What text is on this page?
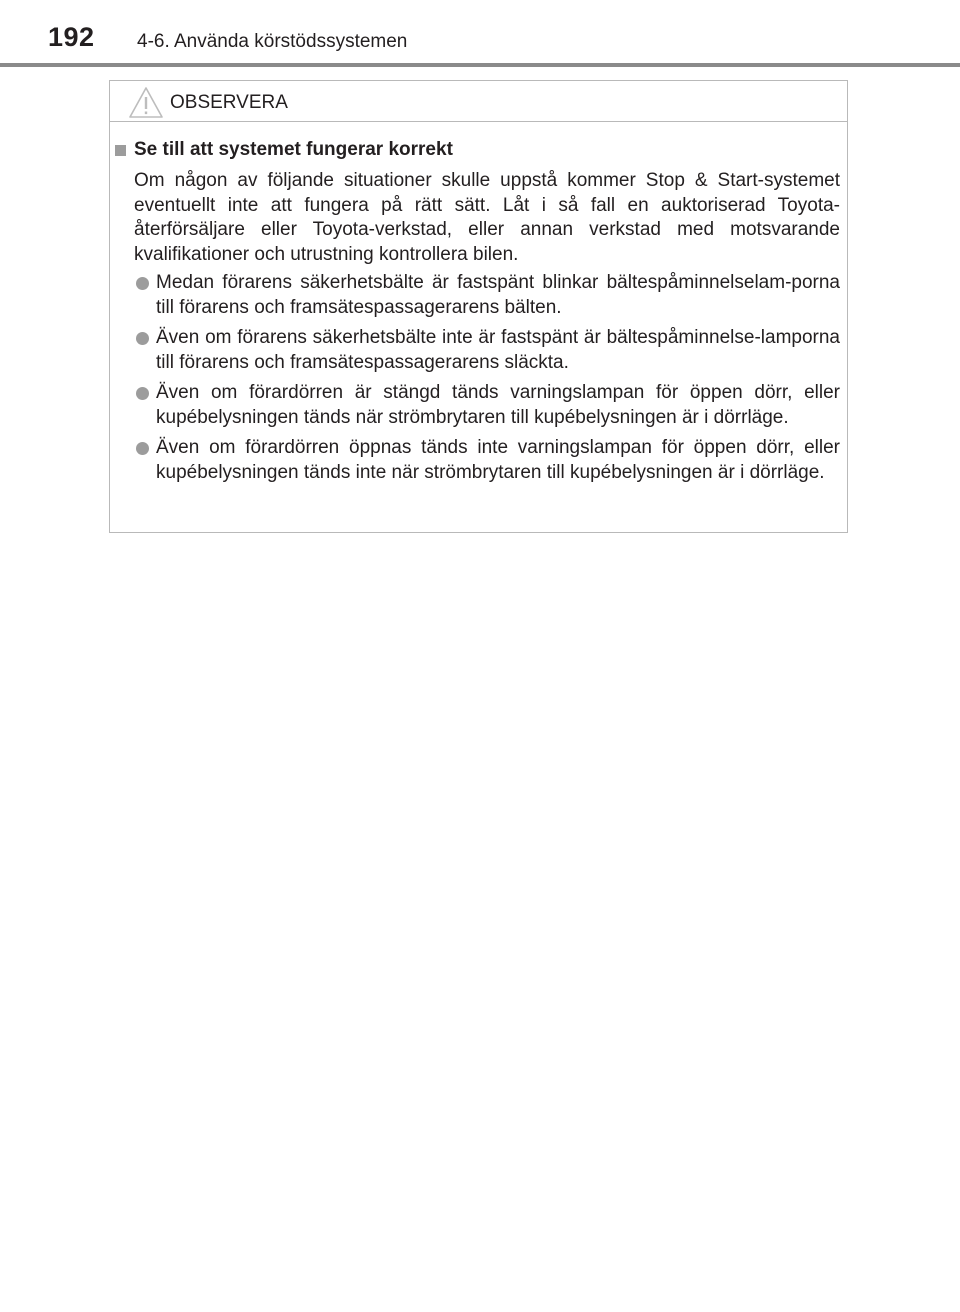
192 4-6. Använda körstödssystemen
OBSERVERA
Se till att systemet fungerar korrekt

Om någon av följande situationer skulle uppstå kommer Stop & Start-systemet eventuellt inte att fungera på rätt sätt. Låt i så fall en auktoriserad Toyota-återförsäljare eller Toyota-verkstad, eller annan verkstad med motsvarande kvalifikationer och utrustning kontrollera bilen.

Medan förarens säkerhetsbälte är fastspänt blinkar bältespåminnelselam-porna till förarens och framsätespassagerarens bälten.
Även om förarens säkerhetsbälte inte är fastspänt är bältespåminnelse-lamporna till förarens och framsätespassagerarens släckta.
Även om förardörren är stängd tänds varningslampan för öppen dörr, eller kupébelysningen tänds när strömbrytaren till kupébelysningen är i dörrläge.
Även om förardörren öppnas tänds inte varningslampan för öppen dörr, eller kupébelysningen tänds inte när strömbrytaren till kupébelysningen är i dörrläge.
